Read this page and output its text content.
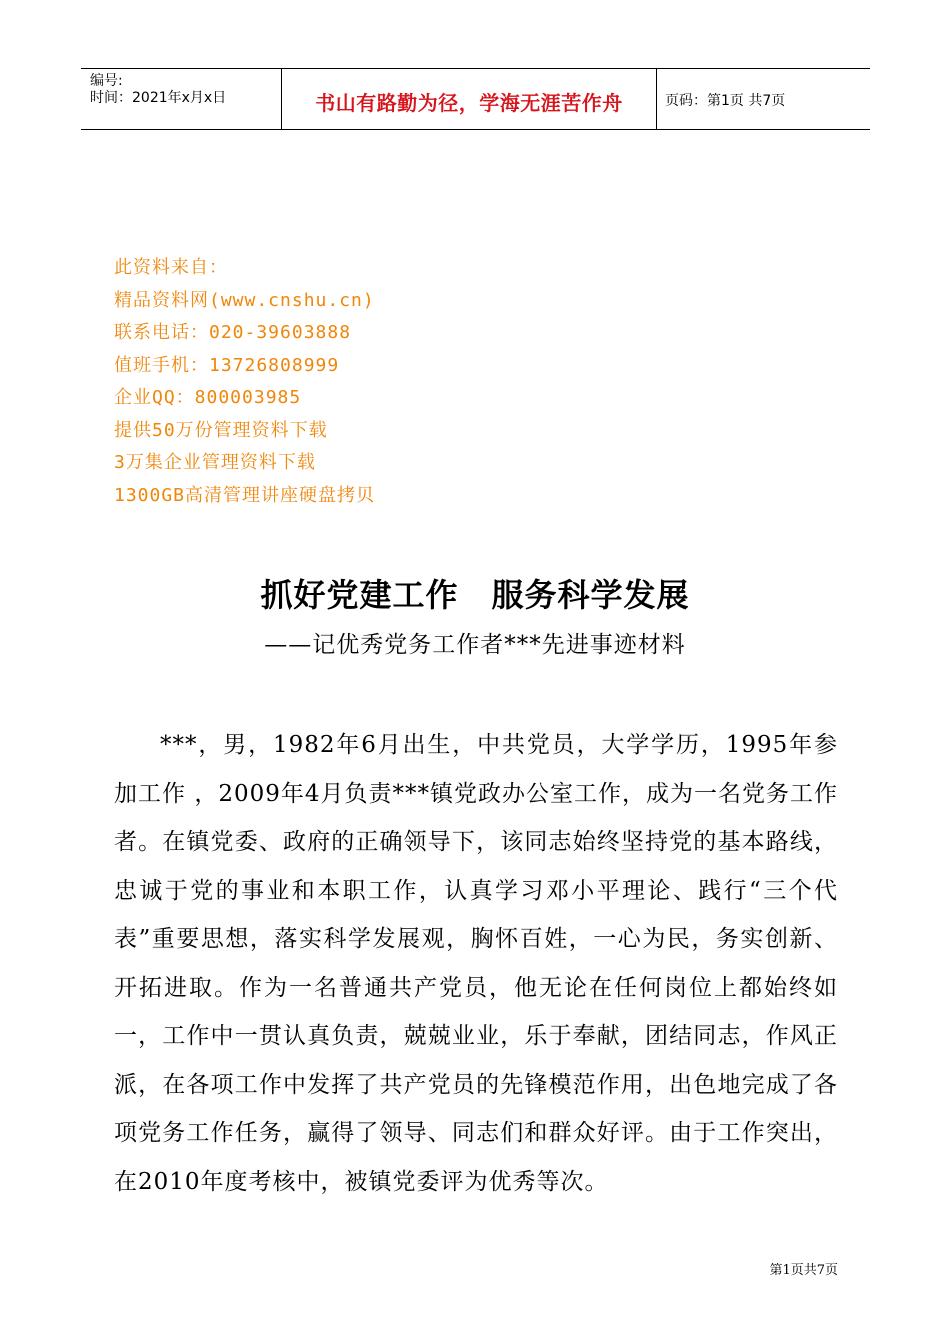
编号:
时间：2021年x月x日	书山有路勤为径，学海无涯苦作舟	页码：第1页 共7页
此资料来自：
精品资料网(www.cnshu.cn)
联系电话：020-39603888
值班手机：13726808999
企业QQ：800003985
提供50万份管理资料下载
3万集企业管理资料下载
1300GB高清管理讲座硬盘拷贝
抓好党建工作　服务科学发展
——记优秀党务工作者***先进事迹材料
***，男，1982年6月出生，中共党员，大学学历，1995年参加工作 ，2009年4月负责***镇党政办公室工作，成为一名党务工作者。在镇党委、政府的正确领导下，该同志始终坚持党的基本路线，忠诚于党的事业和本职工作，认真学习邓小平理论、践行“三个代表”重要思想，落实科学发展观，胸怀百姓，一心为民，务实创新、开拓进取。作为一名普通共产党员，他无论在任何岗位上都始终如一，工作中一贯认真负责，兢兢业业，乐于奉献，团结同志，作风正派，在各项工作中发挥了共产党员的先锋模范作用，出色地完成了各项党务工作任务，赢得了领导、同志们和群众好评。由于工作突出，在2010年度考核中，被镇党委评为优秀等次。
第1页共7页
